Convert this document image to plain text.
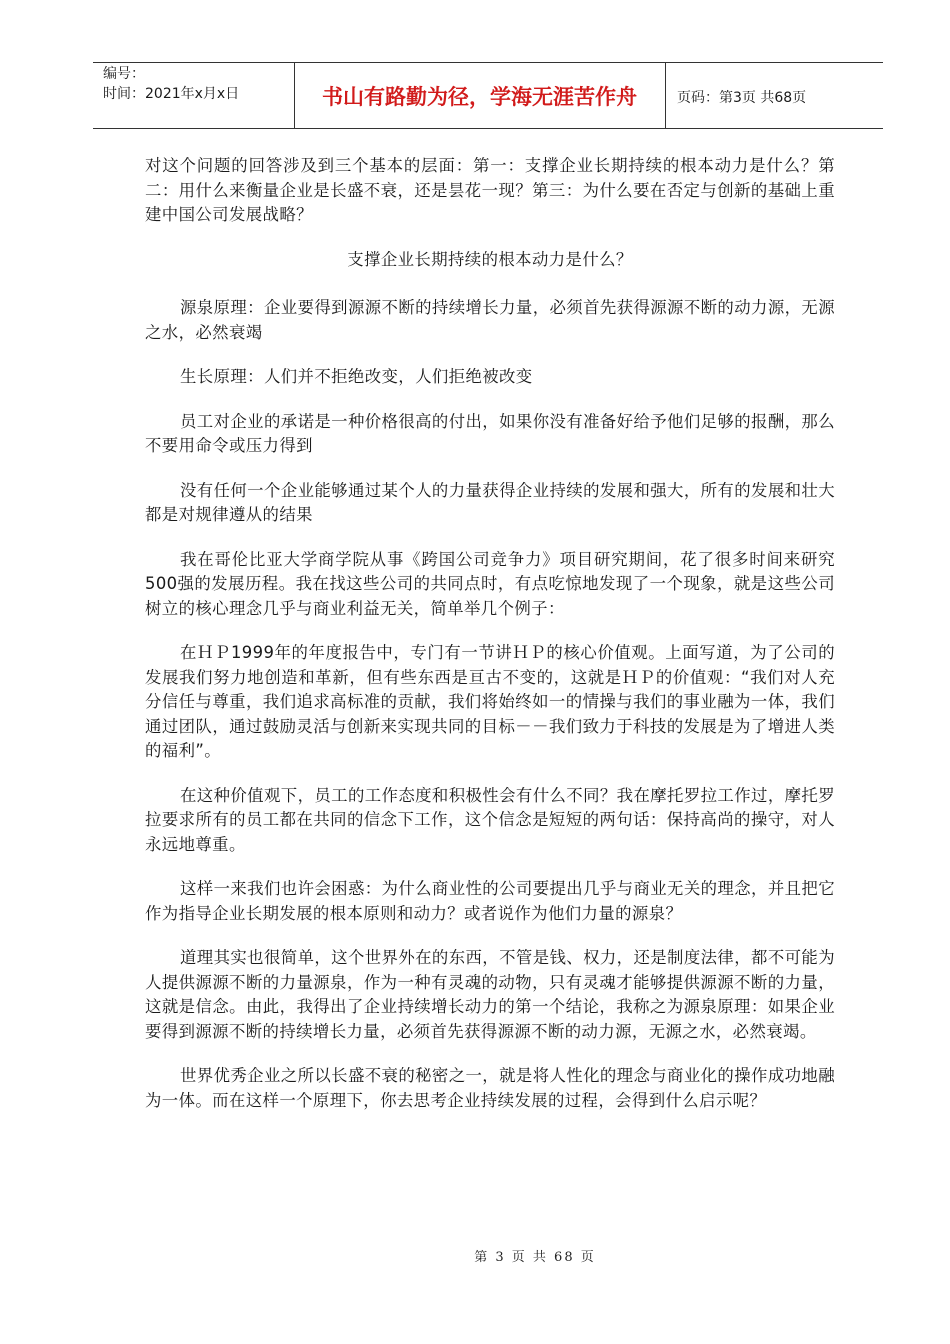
编号：
时间：2021年x月x日	书山有路勤为径，学海无涯苦作舟	页码：第3页 共68页

对这个问题的回答涉及到三个基本的层面：第一：支撑企业长期持续的根本动力是什么？第二：用什么来衡量企业是长盛不衰，还是昙花一现？第三：为什么要在否定与创新的基础上重建中国公司发展战略？

支撑企业长期持续的根本动力是什么？

源泉原理：企业要得到源源不断的持续增长力量，必须首先获得源源不断的动力源，无源之水，必然衰竭

生长原理：人们并不拒绝改变，人们拒绝被改变

员工对企业的承诺是一种价格很高的付出，如果你没有准备好给予他们足够的报酬，那么不要用命令或压力得到

没有任何一个企业能够通过某个人的力量获得企业持续的发展和强大，所有的发展和壮大都是对规律遵从的结果

我在哥伦比亚大学商学院从事《跨国公司竞争力》项目研究期间，花了很多时间来研究500强的发展历程。我在找这些公司的共同点时，有点吃惊地发现了一个现象，就是这些公司树立的核心理念几乎与商业利益无关，简单举几个例子：

在ＨＰ1999年的年度报告中，专门有一节讲ＨＰ的核心价值观。上面写道，为了公司的发展我们努力地创造和革新，但有些东西是亘古不变的，这就是ＨＰ的价值观：“我们对人充分信任与尊重，我们追求高标准的贡献，我们将始终如一的情操与我们的事业融为一体，我们通过团队，通过鼓励灵活与创新来实现共同的目标－－我们致力于科技的发展是为了增进人类的福利”。

在这种价值观下，员工的工作态度和积极性会有什么不同？我在摩托罗拉工作过，摩托罗拉要求所有的员工都在共同的信念下工作，这个信念是短短的两句话：保持高尚的操守，对人永远地尊重。

这样一来我们也许会困惑：为什么商业性的公司要提出几乎与商业无关的理念，并且把它作为指导企业长期发展的根本原则和动力？或者说作为他们力量的源泉？

道理其实也很简单，这个世界外在的东西，不管是钱、权力，还是制度法律，都不可能为人提供源源不断的力量源泉，作为一种有灵魂的动物，只有灵魂才能够提供源源不断的力量，这就是信念。由此，我得出了企业持续增长动力的第一个结论，我称之为源泉原理：如果企业要得到源源不断的持续增长力量，必须首先获得源源不断的动力源，无源之水，必然衰竭。

世界优秀企业之所以长盛不衰的秘密之一，就是将人性化的理念与商业化的操作成功地融为一体。而在这样一个原理下，你去思考企业持续发展的过程，会得到什么启示呢？

第 3 页 共 68 页
